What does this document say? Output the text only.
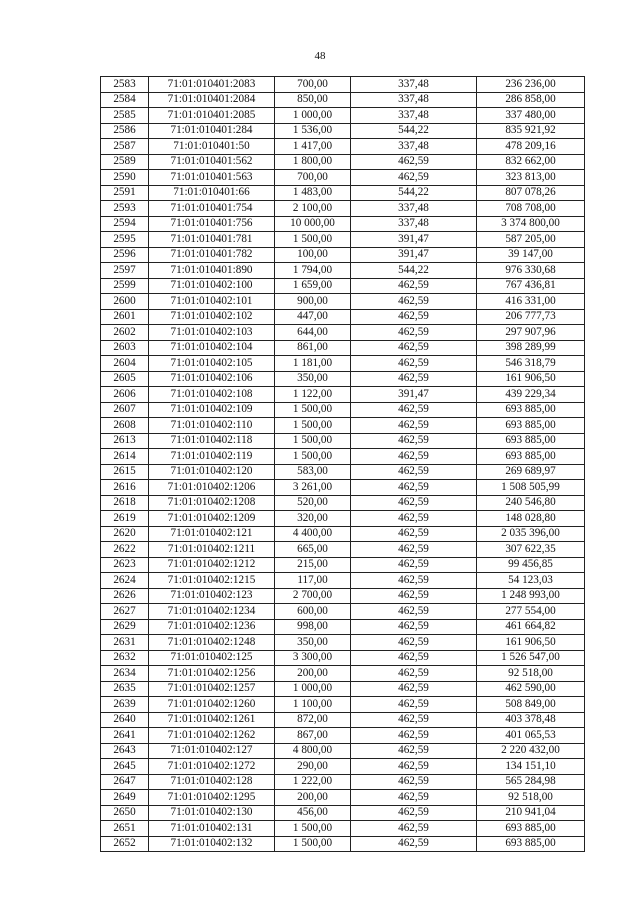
48
2583	71:01:010401:2083	700,00	337,48	236 236,00
2584	71:01:010401:2084	850,00	337,48	286 858,00
2585	71:01:010401:2085	1 000,00	337,48	337 480,00
2586	71:01:010401:284	1 536,00	544,22	835 921,92
2587	71:01:010401:50	1 417,00	337,48	478 209,16
2589	71:01:010401:562	1 800,00	462,59	832 662,00
2590	71:01:010401:563	700,00	462,59	323 813,00
2591	71:01:010401:66	1 483,00	544,22	807 078,26
2593	71:01:010401:754	2 100,00	337,48	708 708,00
2594	71:01:010401:756	10 000,00	337,48	3 374 800,00
2595	71:01:010401:781	1 500,00	391,47	587 205,00
2596	71:01:010401:782	100,00	391,47	39 147,00
2597	71:01:010401:890	1 794,00	544,22	976 330,68
2599	71:01:010402:100	1 659,00	462,59	767 436,81
2600	71:01:010402:101	900,00	462,59	416 331,00
2601	71:01:010402:102	447,00	462,59	206 777,73
2602	71:01:010402:103	644,00	462,59	297 907,96
2603	71:01:010402:104	861,00	462,59	398 289,99
2604	71:01:010402:105	1 181,00	462,59	546 318,79
2605	71:01:010402:106	350,00	462,59	161 906,50
2606	71:01:010402:108	1 122,00	391,47	439 229,34
2607	71:01:010402:109	1 500,00	462,59	693 885,00
2608	71:01:010402:110	1 500,00	462,59	693 885,00
2613	71:01:010402:118	1 500,00	462,59	693 885,00
2614	71:01:010402:119	1 500,00	462,59	693 885,00
2615	71:01:010402:120	583,00	462,59	269 689,97
2616	71:01:010402:1206	3 261,00	462,59	1 508 505,99
2618	71:01:010402:1208	520,00	462,59	240 546,80
2619	71:01:010402:1209	320,00	462,59	148 028,80
2620	71:01:010402:121	4 400,00	462,59	2 035 396,00
2622	71:01:010402:1211	665,00	462,59	307 622,35
2623	71:01:010402:1212	215,00	462,59	99 456,85
2624	71:01:010402:1215	117,00	462,59	54 123,03
2626	71:01:010402:123	2 700,00	462,59	1 248 993,00
2627	71:01:010402:1234	600,00	462,59	277 554,00
2629	71:01:010402:1236	998,00	462,59	461 664,82
2631	71:01:010402:1248	350,00	462,59	161 906,50
2632	71:01:010402:125	3 300,00	462,59	1 526 547,00
2634	71:01:010402:1256	200,00	462,59	92 518,00
2635	71:01:010402:1257	1 000,00	462,59	462 590,00
2639	71:01:010402:1260	1 100,00	462,59	508 849,00
2640	71:01:010402:1261	872,00	462,59	403 378,48
2641	71:01:010402:1262	867,00	462,59	401 065,53
2643	71:01:010402:127	4 800,00	462,59	2 220 432,00
2645	71:01:010402:1272	290,00	462,59	134 151,10
2647	71:01:010402:128	1 222,00	462,59	565 284,98
2649	71:01:010402:1295	200,00	462,59	92 518,00
2650	71:01:010402:130	456,00	462,59	210 941,04
2651	71:01:010402:131	1 500,00	462,59	693 885,00
2652	71:01:010402:132	1 500,00	462,59	693 885,00
